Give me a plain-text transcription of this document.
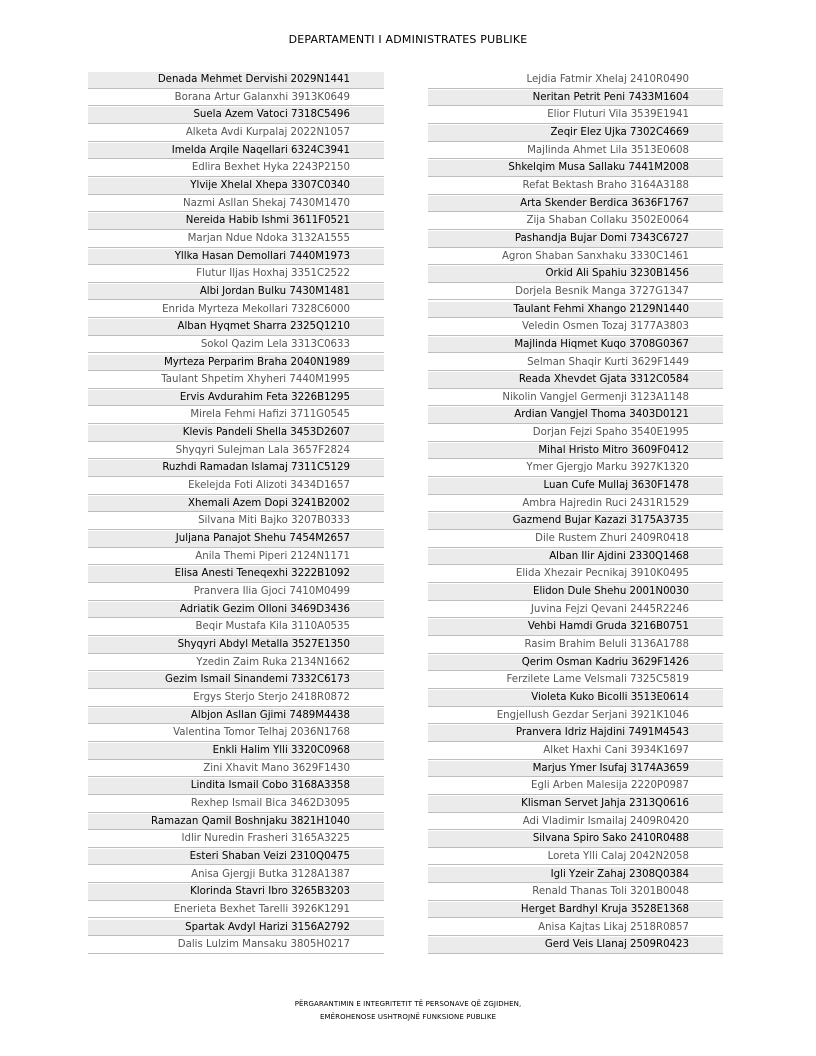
DEPARTAMENTI I ADMINISTRATES PUBLIKE
Denada Mehmet Dervishi 2029N1441
Borana Artur Galanxhi 3913K0649
Suela Azem Vatoci 7318C5496
Alketa Avdi Kurpalaj 2022N1057
Imelda Arqile Naqellari 6324C3941
Edlira Bexhet Hyka 2243P2150
Ylvije Xhelal Xhepa 3307C0340
Nazmi Asllan Shekaj 7430M1470
Nereida Habib Ishmi 3611F0521
Marjan Ndue Ndoka 3132A1555
Yllka Hasan Demollari 7440M1973
Flutur Iljas Hoxhaj 3351C2522
Albi Jordan Bulku 7430M1481
Enrida Myrteza Mekollari 7328C6000
Alban Hyqmet Sharra 2325Q1210
Sokol Qazim Lela 3313C0633
Myrteza Perparim Braha 2040N1989
Taulant Shpetim Xhyheri 7440M1995
Ervis Avdurahim Feta 3226B1295
Mirela Fehmi Hafizi 3711G0545
Klevis Pandeli Shella 3453D2607
Shyqyri Sulejman Lala 3657F2824
Ruzhdi Ramadan Islamaj 7311C5129
Ekelejda Foti Alizoti 3434D1657
Xhemali Azem Dopi 3241B2002
Silvana Miti Bajko 3207B0333
Juljana Panajot Shehu 7454M2657
Anila Themi Piperi 2124N1171
Elisa Anesti Teneqexhi 3222B1092
Pranvera Ilia Gjoci 7410M0499
Adriatik Gezim Olloni 3469D3436
Beqir Mustafa Kila 3110A0535
Shyqyri Abdyl Metalla 3527E1350
Yzedin Zaim Ruka 2134N1662
Gezim Ismail Sinandemi 7332C6173
Ergys Sterjo Sterjo 2418R0872
Albjon Asllan Gjimi 7489M4438
Valentina Tomor Telhaj 2036N1768
Enkli Halim Ylli 3320C0968
Zini Xhavit Mano 3629F1430
Lindita Ismail Cobo 3168A3358
Rexhep Ismail Bica 3462D3095
Ramazan Qamil Boshnjaku 3821H1040
Idlir Nuredin Frasheri 3165A3225
Esteri Shaban Veizi 2310Q0475
Anisa Gjergji Butka 3128A1387
Klorinda Stavri Ibro 3265B3203
Enerieta Bexhet Tarelli 3926K1291
Spartak Avdyl Harizi 3156A2792
Dalis Lulzim Mansaku 3805H0217
Lejdia Fatmir Xhelaj 2410R0490
Neritan Petrit Peni 7433M1604
Elior Fluturi Vila 3539E1941
Zeqir Elez Ujka 7302C4669
Majlinda Ahmet Lila 3513E0608
Shkelqim Musa Sallaku 7441M2008
Refat Bektash Braho 3164A3188
Arta Skender Berdica 3636F1767
Zija Shaban Collaku 3502E0064
Pashandja Bujar Domi 7343C6727
Agron Shaban Sanxhaku 3330C1461
Orkid Ali Spahiu 3230B1456
Dorjela Besnik Manga 3727G1347
Taulant Fehmi Xhango 2129N1440
Veledin Osmen Tozaj 3177A3803
Majlinda Hiqmet Kuqo 3708G0367
Selman Shaqir Kurti 3629F1449
Reada Xhevdet Gjata 3312C0584
Nikolin Vangjel Germenji 3123A1148
Ardian Vangjel Thoma 3403D0121
Dorjan Fejzi Spaho 3540E1995
Mihal Hristo Mitro 3609F0412
Ymer Gjergjo Marku 3927K1320
Luan Cufe Mullaj 3630F1478
Ambra Hajredin Ruci 2431R1529
Gazmend Bujar Kazazi 3175A3735
Dile Rustem Zhuri 2409R0418
Alban Ilir Ajdini 2330Q1468
Elida Xhezair Pecnikaj 3910K0495
Elidon Dule Shehu 2001N0030
Juvina Fejzi Qevani 2445R2246
Vehbi Hamdi Gruda 3216B0751
Rasim Brahim Beluli 3136A1788
Qerim Osman Kadriu 3629F1426
Ferzilete Lame Velsmali 7325C5819
Violeta Kuko Bicolli 3513E0614
Engjellush Gezdar Serjani 3921K1046
Pranvera Idriz Hajdini 7491M4543
Alket Haxhi Cani 3934K1697
Marjus Ymer Isufaj 3174A3659
Egli Arben Malesija 2220P0987
Klisman Servet Jahja 2313Q0616
Adi Vladimir Ismailaj 2409R0420
Silvana Spiro Sako 2410R0488
Loreta Ylli Calaj 2042N2058
Igli Yzeir Zahaj 2308Q0384
Renald Thanas Toli 3201B0048
Herget Bardhyl Kruja 3528E1368
Anisa Kajtas Likaj 2518R0857
Gerd Veis Llanaj 2509R0423
PËRGARANTIMIN E INTEGRITETIT TË PERSONAVE QË ZGJIDHEN,
EMËROHENOSE USHTROJNË FUNKSIONE PUBLIKE
